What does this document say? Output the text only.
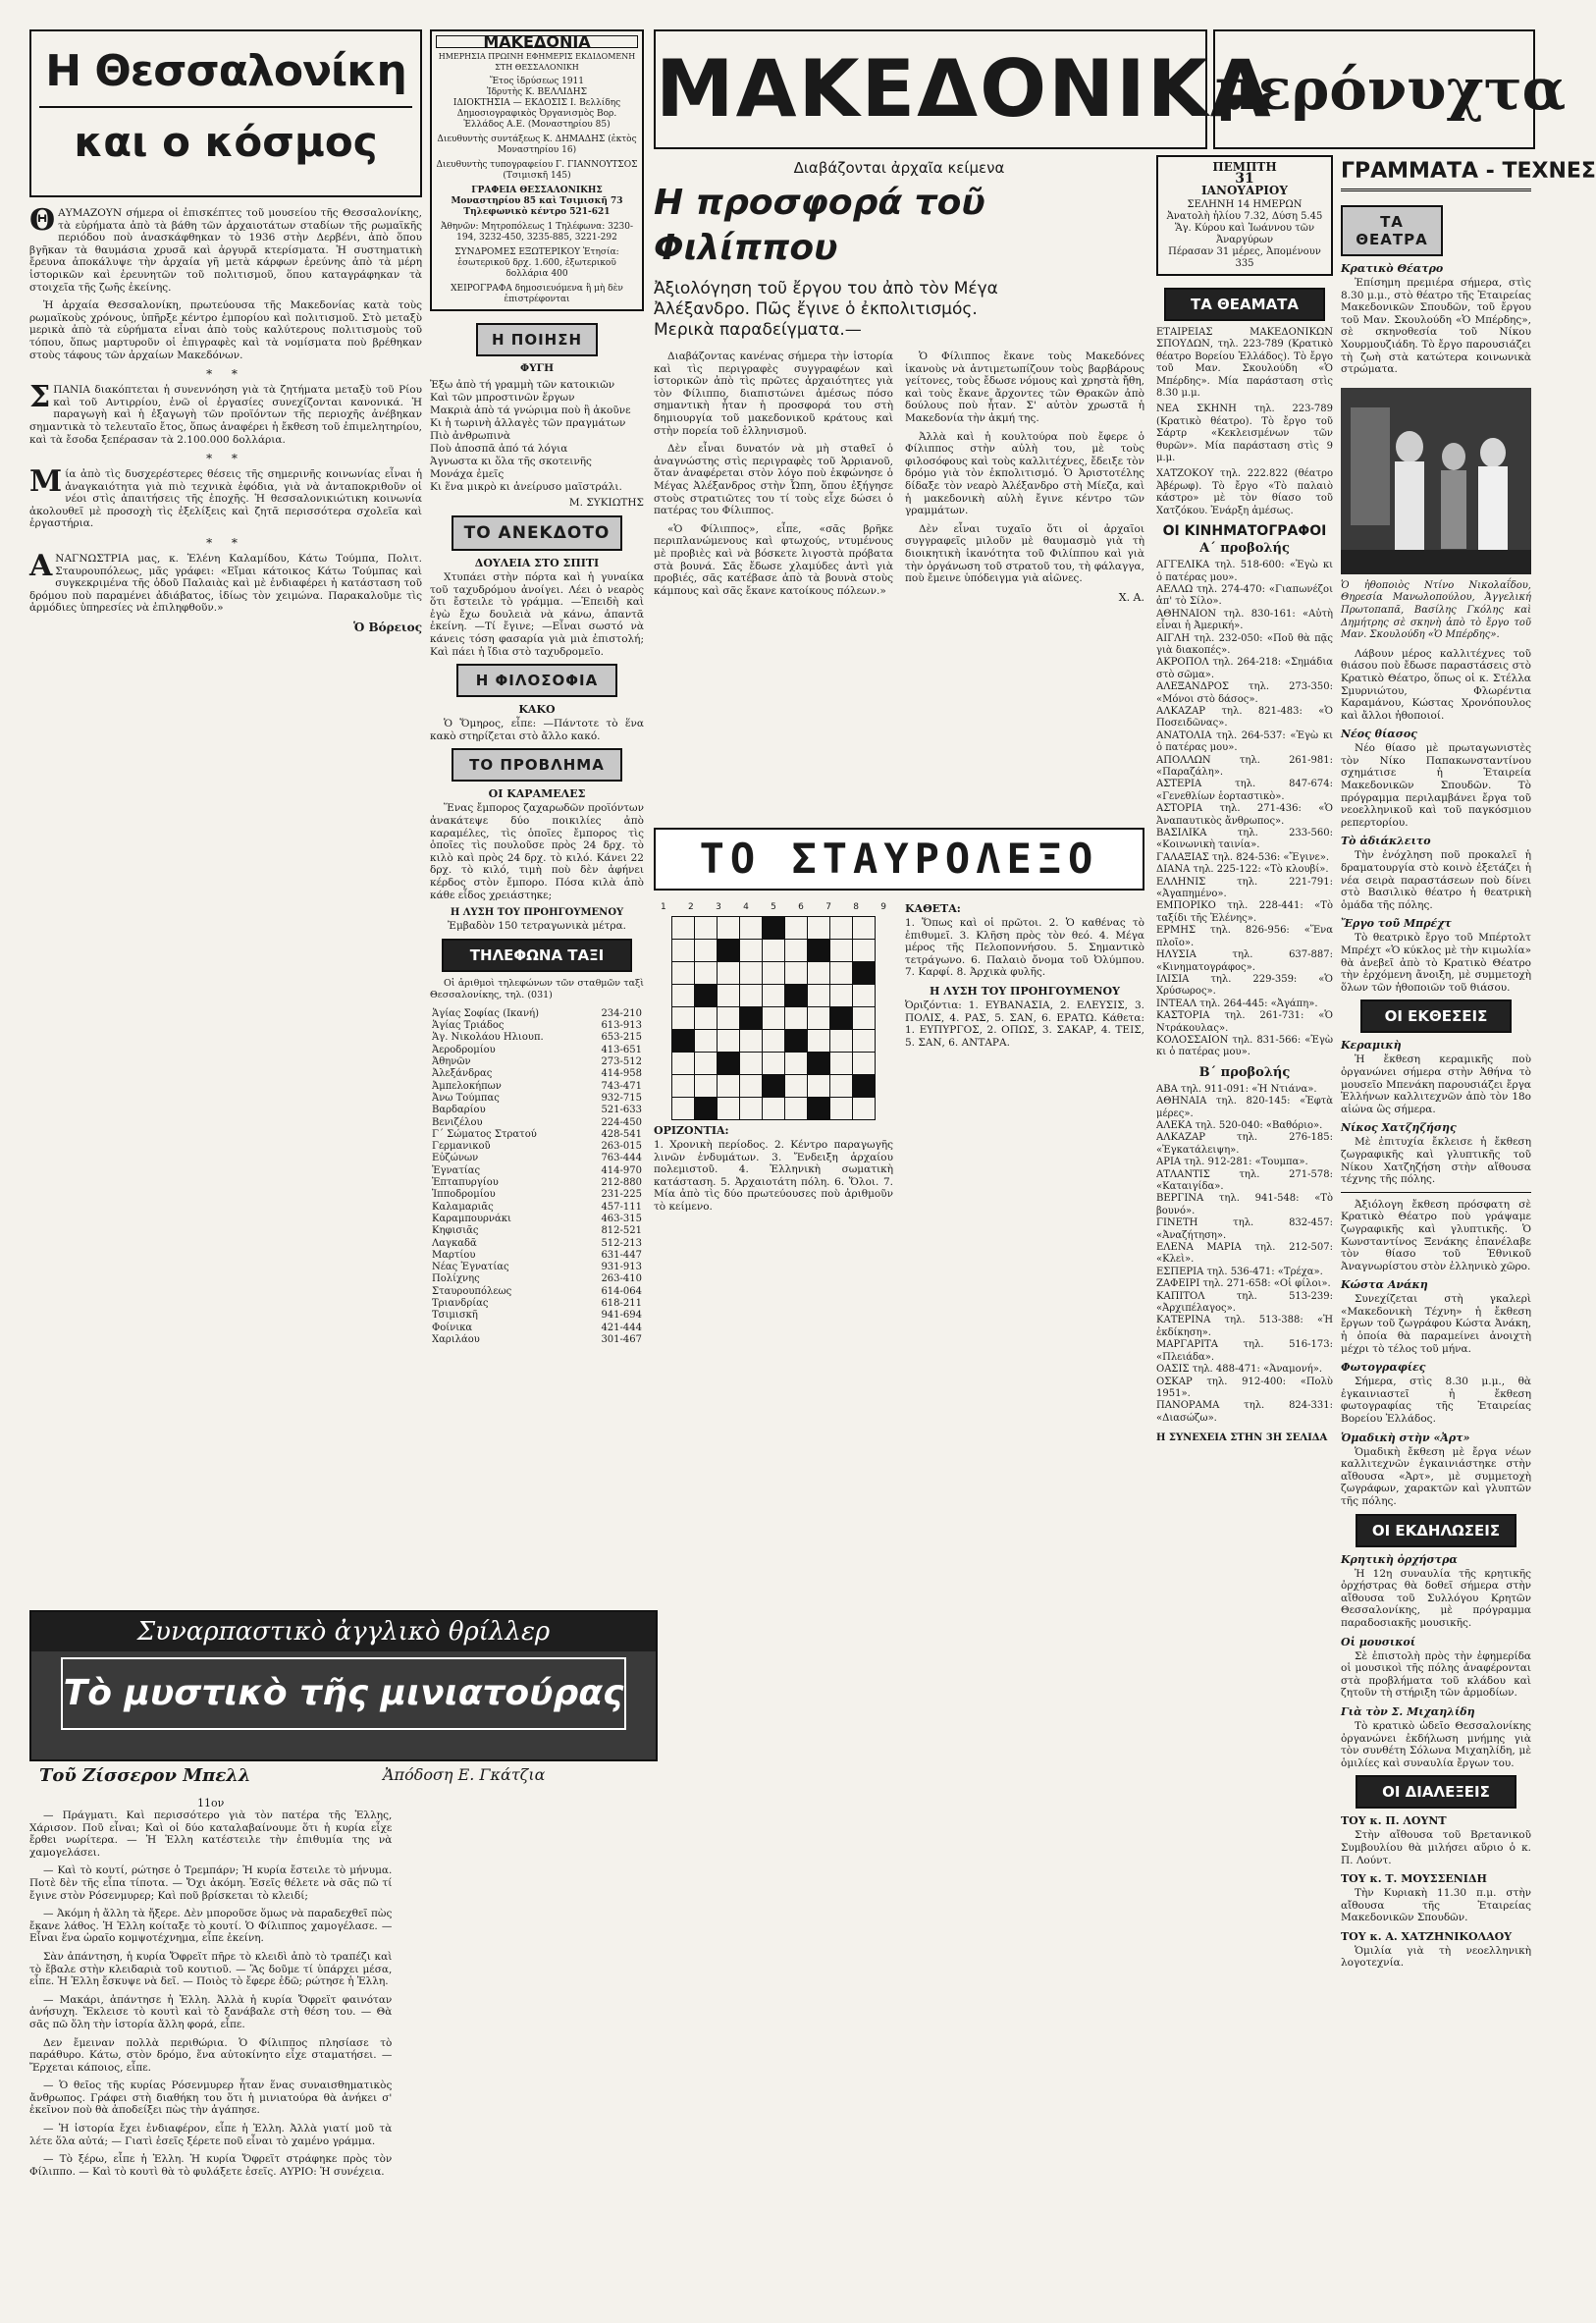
Η Θεσσαλονίκη
και ο κόσμος

ΘΑΥΜΑΖΟΥΝ σήμερα οἱ ἐπισκέπτες τοῦ μουσείου τῆς Θεσσαλονίκης, τὰ εὑρήματα ἀπὸ τὰ βάθη τῶν ἀρχαιοτάτων σταδίων τῆς ρωμαϊκῆς περιόδου ποὺ ἀνασκάφθηκαν τὸ 1936 στὴν Δερβένι, ἀπὸ ὅπου βγῆκαν τὰ θαυμάσια χρυσᾶ καὶ ἀργυρᾶ κτερίσματα. Ἡ συστηματικὴ ἔρευνα ἀποκάλυψε τὴν ἀρχαία γῆ μετὰ κάρφων ἐρεύνης ἀπὸ τὰ μέρη ἱστορικῶν καὶ ἐρευνητῶν τοῦ πολιτισμοῦ, ὅπου καταγράφηκαν τὰ στοιχεῖα τῆς ζωῆς ἐκείνης.

Ἡ ἀρχαία Θεσσαλονίκη, πρωτεύουσα τῆς Μακεδονίας κατὰ τοὺς ρωμαϊκοὺς χρόνους, ὑπῆρξε κέντρο ἐμπορίου καὶ πολιτισμοῦ. Στὸ μεταξὺ μερικὰ ἀπὸ τὰ εὑρήματα εἶναι ἀπὸ τοὺς καλύτερους πολιτισμοὺς τοῦ τόπου, ὅπως μαρτυροῦν οἱ ἐπιγραφὲς καὶ τὰ νομίσματα ποὺ βρέθηκαν στοὺς τάφους τῶν ἀρχαίων Μακεδόνων.

* *

ΣΠΑΝΙΑ διακόπτεται ἡ συνεννόηση γιὰ τὰ ζητήματα μεταξὺ τοῦ Ρίου καὶ τοῦ Αντιρρίου, ἐνῶ οἱ ἐργασίες συνεχίζονται κανονικά. Ἡ παραγωγὴ καὶ ἡ ἐξαγωγὴ τῶν προϊόντων τῆς περιοχῆς ἀνέβηκαν σημαντικὰ τὸ τελευταῖο ἔτος, ὅπως ἀναφέρει ἡ ἔκθεση τοῦ ἐπιμελητηρίου, καὶ τὰ ἔσοδα ξεπέρασαν τὰ 2.100.000 δολλάρια.

* *

Μία ἀπὸ τὶς δυσχερέστερες θέσεις τῆς σημερινῆς κοινωνίας εἶναι ἡ ἀναγκαιότητα γιὰ πιὸ τεχνικὰ ἐφόδια, γιὰ νὰ ἀνταποκριθοῦν οἱ νέοι στὶς ἀπαιτήσεις τῆς ἐποχῆς. Ἡ θεσσαλονικιώτικη κοινωνία ἀκολουθεῖ μὲ προσοχὴ τὶς ἐξελίξεις καὶ ζητᾶ περισσότερα σχολεῖα καὶ ἐργαστήρια.

* *

ΑΝΑΓΝΩΣΤΡΙΑ μας, κ. Ἑλένη Καλαμίδου, Κάτω Τούμπα, Πολιτ. Σταυρουπόλεως, μᾶς γράφει: «Εἴμαι κάτοικος Κάτω Τούμπας καὶ συγκεκριμένα τῆς ὁδοῦ Παλαιὰς καὶ μὲ ἐνδιαφέρει ἡ κατάσταση τοῦ δρόμου ποὺ παραμένει ἀδιάβατος, ἰδίως τὸν χειμώνα. Παρακαλοῦμε τὶς ἁρμόδιες ὑπηρεσίες νὰ ἐπιληφθοῦν.»

Ὁ Βόρειος
ΜΑΚΕΔΟΝΙΑ
ΗΜΕΡΗΣΙΑ ΠΡΩΙΝΗ ΕΦΗΜΕΡΙΣ ΕΚΔΙΔΟΜΕΝΗ ΣΤΗ ΘΕΣΣΑΛΟΝΙΚΗ
Ἔτος ἱδρύσεως 1911
Ἱδρυτὴς Κ. ΒΕΛΛΙΔΗΣ
ΙΔΙΟΚΤΗΣΙΑ — ΕΚΔΟΣΙΣ Ι. Βελλίδης Δημοσιογραφικὸς Ὀργανισμὸς Βορ. Ἑλλάδος Α.Ε. (Μοναστηρίου 85)
Διευθυντὴς συντάξεως Κ. ΔΗΜΑΔΗΣ (ἐκτὸς Μοναστηρίου 16)
Διευθυντὴς τυπογραφείου Γ. ΓΙΑΝΝΟΥΤΣΟΣ (Τσιμισκῆ 145)
ΓΡΑΦΕΙΑ ΘΕΣΣΑΛΟΝΙΚΗΣ Μοναστηρίου 85 καὶ Τσιμισκῆ 73 Τηλεφωνικὸ κέντρο 521-621
Ἀθηνῶν: Μητροπόλεως 1 Τηλέφωνα: 3230-194, 3232-450, 3235-885, 3221-292
ΣΥΝΔΡΟΜΕΣ ΕΞΩΤΕΡΙΚΟΥ Ἐτησία: ἐσωτερικοῦ δρχ. 1.600, ἐξωτερικοῦ δολλάρια 400
ΧΕΙΡΟΓΡΑΦΑ δημοσιευόμενα ἢ μὴ δὲν ἐπιστρέφονται
Η ΠΟΙΗΣΗ
ΦΥΓΗ
Ἐξω ἀπὸ τή γραμμὴ τῶν κατοικιῶν
Καὶ τῶν μπροστινῶν ἔργων
Μακριὰ ἀπὸ τά γνώριμα ποὺ ἢ ἀκοῦνε
Κι ἡ τωρινὴ ἀλλαγὲς τῶν πραγμάτων
Πιὸ ἀνθρωπινὰ
Ποὺ ἀποσπᾶ ἀπό τά λόγια
Ἀγνωστα κι ὅλα τῆς σκοτεινῆς
Μονάχα ἐμεῖς
Κι ἕνα μικρὸ κι ἀνείρυσο μαϊστράλι.
Μ. ΣΥΚΙΩΤΗΣ
ΤΟ ΑΝΕΚΔΟΤΟ
ΔΟΥΛΕΙΑ ΣΤΟ ΣΠΙΤΙ

Χτυπάει στὴν πόρτα καὶ ἡ γυναίκα τοῦ ταχυδρόμου ἀνοίγει. Λέει ὁ νεαρὸς ὅτι ἔστειλε τὸ γράμμα. —Ἐπειδὴ καὶ ἐγὼ ἔχω δουλειὰ νὰ κάνω, ἀπαντᾶ ἐκείνη. —Τί ἔγινε; —Εἶναι σωστό νὰ κάνεις τόση φασαρία γιὰ μιὰ ἐπιστολή; Καὶ πάει ἡ ἴδια στὸ ταχυδρομεῖο.

Η ΦΙΛΟΣΟΦΙΑ
ΚΑΚΟ

Ὁ Ὅμηρος, εἶπε: —Πάντοτε τὸ ἕνα κακὸ στηρίζεται στὸ ἄλλο κακό.

ΤΟ ΠΡΟΒΛΗΜΑ
ΟΙ ΚΑΡΑΜΕΛΕΣ

Ἕνας ἔμπορος ζαχαρωδῶν προϊόντων ἀνακάτεψε δύο ποικιλίες ἀπὸ καραμέλες, τὶς ὁποῖες ἔμπορος τὶς ὁποῖες τὶς πουλοῦσε πρὸς 24 δρχ. τὸ κιλὸ καὶ πρὸς 24 δρχ. τὸ κιλό. Κάνει 22 δρχ. τὸ κιλό, τιμὴ ποὺ δὲν ἀφήνει κέρδος στὸν ἔμπορο. Πόσα κιλὰ ἀπὸ κάθε εἶδος χρειάστηκε;

Η ΛΥΣΗ ΤΟΥ ΠΡΟΗΓΟΥΜΕΝΟΥ

Ἐμβαδὸν 150 τετραγωνικὰ μέτρα.

ΤΗΛΕΦΩΝΑ ΤΑΞΙ

Οἱ ἀριθμοὶ τηλεφώνων τῶν σταθμῶν ταξὶ Θεσσαλονίκης, τηλ. (031)

Ἁγίας Σοφίας (Ικανή)	234-210
Ἁγίας Τριάδος	613-913
Ἁγ. Νικολάου Ηλιουπ.	653-215
Ἀεροδρομίου	413-651
Ἀθηνῶν	273-512
Ἀλεξάνδρας	414-958
Ἀμπελοκήπων	743-471
Ἀνω Τούμπας	932-715
Βαρδαρίου	521-633
Βενιζέλου	224-450
Γ΄ Σώματος Στρατού	428-541
Γερμανικοῦ	263-015
Εὐζώνων	763-444
Ἐγνατίας	414-970
Ἑπταπυργίου	212-880
Ἱπποδρομίου	231-225
Καλαμαριᾶς	457-111
Καραμπουρνάκι	463-315
Κηφισιᾶς	812-521
Λαγκαδᾶ	512-213
Μαρτίου	631-447
Νέας Ἐγνατίας	931-913
Πολίχνης	263-410
Σταυρουπόλεως	614-064
Τριανδρίας	618-211
Τσιμισκῆ	941-694
Φοίνικα	421-444
Χαριλάου	301-467
ΜΑΚΕΔΟΝΙΚΑ
μερόνυχτα
Διαβάζονται ἀρχαῖα κείμενα
Η προσφορά τοῦ Φιλίππου
Ἀξιολόγηση τοῦ ἔργου του ἀπὸ τὸν Μέγα Ἀλέξανδρο. Πῶς ἔγινε ὁ ἐκπολιτισμός. Μερικὰ παραδείγματα.—

Διαβάζοντας κανένας σήμερα τὴν ἱστορία καὶ τὶς περιγραφὲς συγγραφέων καὶ ἱστορικῶν ἀπὸ τὶς πρῶτες ἀρχαιότητες γιὰ τὸν Φίλιππο, διαπιστώνει ἀμέσως πόσο σημαντικὴ ἦταν ἡ προσφορά του στὴ δημιουργία τοῦ μακεδονικοῦ κράτους καὶ στὴν πορεία τοῦ ἑλληνισμοῦ.

Δὲν εἶναι δυνατόν νὰ μὴ σταθεῖ ὁ ἀναγνώστης στὶς περιγραφὲς τοῦ Ἀρριανοῦ, ὅταν ἀναφέρεται στὸν λόγο ποὺ ἐκφώνησε ὁ Μέγας Ἀλέξανδρος στὴν Ὦπη, ὅπου ἐξήγησε στοὺς στρατιῶτες του τί τοὺς εἶχε δώσει ὁ πατέρας του Φίλιππος.

«Ὁ Φίλιππος», εἶπε, «σᾶς βρῆκε περιπλανώμενους καὶ φτωχούς, ντυμένους μὲ προβιὲς καὶ νὰ βόσκετε λιγοστὰ πρόβατα στὰ βουνά. Σᾶς ἔδωσε χλαμύδες ἀντὶ γιὰ προβιές, σᾶς κατέβασε ἀπὸ τὰ βουνὰ στοὺς κάμπους καὶ σᾶς ἔκανε κατοίκους πόλεων.»

Ὁ Φίλιππος ἔκανε τοὺς Μακεδόνες ἱκανοὺς νὰ ἀντιμετωπίζουν τοὺς βαρβάρους γείτονες, τοὺς ἔδωσε νόμους καὶ χρηστὰ ἤθη, καὶ τοὺς ἔκανε ἄρχοντες τῶν Θρακῶν ἀπὸ δούλους ποὺ ἦταν. Σ' αὐτὸν χρωστᾶ ἡ Μακεδονία τὴν ἀκμή της.

Ἀλλὰ καὶ ἡ κουλτούρα ποὺ ἔφερε ὁ Φίλιππος στὴν αὐλὴ του, μὲ τοὺς φιλοσόφους καὶ τοὺς καλλιτέχνες, ἔδειξε τὸν δρόμο γιὰ τὸν ἐκπολιτισμό. Ὁ Ἀριστοτέλης δίδαξε τὸν νεαρὸ Ἀλέξανδρο στὴ Μίεζα, καὶ ἡ μακεδονικὴ αὐλὴ ἔγινε κέντρο τῶν γραμμάτων.

Δὲν εἶναι τυχαῖο ὅτι οἱ ἀρχαῖοι συγγραφεῖς μιλοῦν μὲ θαυμασμὸ γιὰ τὴ διοικητικὴ ἱκανότητα τοῦ Φιλίππου καὶ γιὰ τὴν ὀργάνωση τοῦ στρατοῦ του, τὴ φάλαγγα, ποὺ ἔμεινε ὑπόδειγμα γιὰ αἰῶνες.

Χ. Α.
ΤΟ ΣΤΑΥΡΟΛΕΞΟ
1 2 3 4 5 6 7 8 9

ΟΡΙΖΟΝΤΙΑ:

1. Χρονικὴ περίοδος. 2. Κέντρο παραγωγῆς λινῶν ἐνδυμάτων. 3. Ἔνδειξη ἀρχαίου πολεμιστοῦ. 4. Ἑλληνικὴ σωματικὴ κατάσταση. 5. Ἀρχαιοτάτη πόλη. 6. Ὅλοι. 7. Μία ἀπὸ τὶς δύο πρωτεύουσες ποὺ ἀριθμοῦν τὸ κείμενο.

ΚΑΘΕΤΑ:

1. Ὅπως καὶ οἱ πρῶτοι. 2. Ὁ καθένας τὸ ἐπιθυμεῖ. 3. Κλῆση πρὸς τὸν θεό. 4. Μέγα μέρος τῆς Πελοποννήσου. 5. Σημαντικὸ τετράγωνο. 6. Παλαιὸ ὄνομα τοῦ Ὀλύμπου. 7. Καρφί. 8. Ἀρχικὰ φυλῆς.

Η ΛΥΣΗ ΤΟΥ ΠΡΟΗΓΟΥΜΕΝΟΥ

Ὀριζόντια: 1. ΕΥΒΑΝΑΣΙΑ, 2. ΕΛΕΥΣΙΣ, 3. ΠΟΛΙΣ, 4. ΡΑΣ, 5. ΣΑΝ, 6. ΕΡΑΤΩ. Κάθετα: 1. ΕΥΠΥΡΓΟΣ, 2. ΟΠΩΣ, 3. ΣΑΚΑΡ, 4. ΤΕΙΣ, 5. ΣΑΝ, 6. ΑΝΤΑΡΑ.

ΠΕΜΠΤΗ
31
ΙΑΝΟΥΑΡΙΟΥ
ΣΕΛΗΝΗ 14 ΗΜΕΡΩΝ
Ἀνατολὴ ἡλίου 7.32, Δύση 5.45
Ἅγ. Κύρου καὶ Ἰωάννου τῶν Ἀναργύρων
Πέρασαν 31 μέρες, Ἀπομένουν 335
ΤΑ ΘΕΑΜΑΤΑ

ΕΤΑΙΡΕΙΑΣ ΜΑΚΕΔΟΝΙΚΩΝ ΣΠΟΥΔΩΝ, τηλ. 223-789 (Κρατικὸ θέατρο Βορείου Ἑλλάδος). Τὸ ἔργο τοῦ Μαν. Σκουλούδη «Ὁ Μπέρδης». Μία παράσταση στὶς 8.30 μ.μ.

ΝΕΑ ΣΚΗΝΗ τηλ. 223-789 (Κρατικὸ θέατρο). Τὸ ἔργο τοῦ Σάρτρ «Κεκλεισμένων τῶν θυρῶν». Μία παράσταση στὶς 9 μ.μ.

ΧΑΤΖΟΚΟΥ τηλ. 222.822 (θέατρο Ἀβέρωφ). Τὸ ἔργο «Τὸ παλαιὸ κάστρο» μὲ τὸν θίασο τοῦ Χατζόκου. Ἐνάρξη ἀμέσως.

ΟΙ ΚΙΝΗΜΑΤΟΓΡΑΦΟΙ
Α΄ προβολής

ΑΓΓΕΛΙΚΑ τηλ. 518-600: «Ἐγὼ κι ὁ πατέρας μου».

ΑΕΛΛΩ τηλ. 274-470: «Γιαπωνέζοι ἀπ' τὸ Σίλο».

ΑΘΗΝΑΙΟΝ τηλ. 830-161: «Αὐτὴ εἶναι ἡ Ἀμερική».

ΑΙΓΛΗ τηλ. 232-050: «Ποῦ θὰ πᾷς γιὰ διακοπές».

ΑΚΡΟΠΟΛ τηλ. 264-218: «Σημάδια στὸ σῶμα».

ΑΛΕΞΑΝΔΡΟΣ τηλ. 273-350: «Μόνοι στὸ δάσος».

ΑΛΚΑΖΑΡ τηλ. 821-483: «Ὁ Ποσειδῶνας».

ΑΝΑΤΟΛΙΑ τηλ. 264-537: «Ἐγὼ κι ὁ πατέρας μου».

ΑΠΟΛΛΩΝ τηλ. 261-981: «Παραζάλη».

ΑΣΤΕΡΙΑ τηλ. 847-674: «Γενεθλίων ἑορταστικὸ».

ΑΣΤΟΡΙΑ τηλ. 271-436: «Ὁ Ἀναπαυτικὸς ἄνθρωπος».

ΒΑΣΙΛΙΚΑ τηλ. 233-560: «Κοινωνικὴ ταινία».

ΓΑΛΑΞΙΑΣ τηλ. 824-536: «Ἔγινε».

ΔΙΑΝΑ τηλ. 225-122: «Τὸ κλουβί».

ΕΛΛΗΝΙΣ τηλ. 221-791: «Ἀγαπημένο».

ΕΜΠΟΡΙΚΟ τηλ. 228-441: «Τὸ ταξίδι τῆς Ἑλένης».

ΕΡΜΗΣ τηλ. 826-956: «Ἕνα πλοῖο».

ΗΛΥΣΙΑ τηλ. 637-887: «Κινηματογράφος».

ΙΛΙΣΙΑ τηλ. 229-359: «Ὁ Χρύσωρος».

ΙΝΤΕΑΛ τηλ. 264-445: «Ἀγάπη».

ΚΑΣΤΟΡΙΑ τηλ. 261-731: «Ὁ Ντράκουλας».

ΚΟΛΟΣΣΑΙΟΝ τηλ. 831-566: «Ἐγὼ κι ὁ πατέρας μου».

Β΄ προβολής

ΑΒΑ τηλ. 911-091: «Ἡ Ντιάνα».

ΑΘΗΝΑΙΑ τηλ. 820-145: «Ἐφτὰ μέρες».

ΑΛΕΚΑ τηλ. 520-040: «Βαθόριο».

ΑΛΚΑΖΑΡ τηλ. 276-185: «Ἐγκατάλειψη».

ΑΡΙΑ τηλ. 912-281: «Τουμπα».

ΑΤΛΑΝΤΙΣ τηλ. 271-578: «Καταιγίδα».

ΒΕΡΓΙΝΑ τηλ. 941-548: «Τὸ βουνό».

ΓΙΝΕΤΗ τηλ. 832-457: «Ἀναζήτηση».

ΕΛΕΝΑ ΜΑΡΙΑ τηλ. 212-507: «Κλεὶ».

ΕΣΠΕΡΙΑ τηλ. 536-471: «Τρέχα».

ΖΑΦΕΙΡΙ τηλ. 271-658: «Οἱ φίλοι».

ΚΑΠΙΤΟΛ τηλ. 513-239: «Ἀρχιπέλαγος».

ΚΑΤΕΡΙΝΑ τηλ. 513-388: «Ἡ ἐκδίκηση».

ΜΑΡΓΑΡΙΤΑ τηλ. 516-173: «Πλειάδα».

ΟΑΣΙΣ τηλ. 488-471: «Ἀναμονή».

ΟΣΚΑΡ τηλ. 912-400: «Πολὺ 1951».

ΠΑΝΟΡΑΜΑ τηλ. 824-331: «Διασώζω».

Η ΣΥΝΕΧΕΙΑ ΣΤΗΝ 3Η ΣΕΛΙΔΑ
ΓΡΑΜΜΑΤΑ - ΤΕΧΝΕΣ
ΤΑ ΘΕΑΤΡΑ
Κρατικὸ Θέατρο

Ἐπίσημη πρεμιέρα σήμερα, στὶς 8.30 μ.μ., στὸ θέατρο τῆς Ἑταιρείας Μακεδονικῶν Σπουδῶν, τοῦ ἔργου τοῦ Μαν. Σκουλούδη «Ὁ Μπέρδης», σὲ σκηνοθεσία τοῦ Νίκου Χουρμουζιάδη. Τὸ ἔργο παρουσιάζει τὴ ζωὴ στὰ κατώτερα κοινωνικὰ στρώματα.

Ὁ ἠθοποιὸς Ντίνο Νικολαΐδου, Θηρεσία Μανωλοπούλου, Ἀγγελική Πρωτοπαπᾶ, Βασίλης Γκόλης καὶ Δημήτρης σὲ σκηνὴ ἀπὸ τὸ ἔργο τοῦ Μαν. Σκουλούδη «Ὁ Μπέρδης».

Λάβουν μέρος καλλιτέχνες τοῦ θιάσου ποὺ ἔδωσε παραστάσεις στὸ Κρατικὸ Θέατρο, ὅπως οἱ κ. Στέλλα Σμυρνιώτου, Φλωρέντια Καραμάνου, Κώστας Χρονόπουλος καὶ ἄλλοι ἠθοποιοί.

Νέος θίασος

Νέο θίασο μὲ πρωταγωνιστὲς τὸν Νίκο Παπακωνσταντίνου σχημάτισε ἡ Ἑταιρεία Μακεδονικῶν Σπουδῶν. Τὸ πρόγραμμα περιλαμβάνει ἔργα τοῦ νεοελληνικοῦ καὶ τοῦ παγκόσμιου ρεπερτορίου.

Τὸ ἀδιάκλειτο

Τὴν ἐνόχληση ποῦ προκαλεῖ ἡ δραματουργία στὸ κοινὸ ἐξετάζει ἡ νέα σειρὰ παραστάσεων ποὺ δίνει στὸ Βασιλικὸ θέατρο ἡ θεατρικὴ ὁμάδα τῆς πόλης.

Ἔργο τοῦ Μπρέχτ

Τὸ θεατρικὸ ἔργο τοῦ Μπέρτολτ Μπρέχτ «Ὁ κύκλος μὲ τὴν κιμωλία» θὰ ἀνεβεῖ ἀπὸ τὸ Κρατικὸ Θέατρο τὴν ἐρχόμενη ἄνοιξη, μὲ συμμετοχὴ ὅλων τῶν ἠθοποιῶν τοῦ θιάσου.

ΟΙ ΕΚΘΕΣΕΙΣ
Κεραμικὴ

Ἡ ἔκθεση κεραμικῆς ποὺ ὀργανώνει σήμερα στὴν Ἀθήνα τὸ μουσεῖο Μπενάκη παρουσιάζει ἔργα Ἑλλήνων καλλιτεχνῶν ἀπὸ τὸν 18ο αἰώνα ὣς σήμερα.

Νίκος Χατζηζήσης

Μὲ ἐπιτυχία ἔκλεισε ἡ ἔκθεση ζωγραφικῆς καὶ γλυπτικῆς τοῦ Νίκου Χατζηζήση στὴν αἴθουσα τέχνης τῆς πόλης.

Ἀξιόλογη ἔκθεση πρόσφατη σὲ Κρατικὸ Θέατρο ποὺ γράψαμε ζωγραφικῆς καὶ γλυπτικῆς. Ὁ Κωνσταντίνος Ξενάκης ἐπανέλαβε τὸν θίασο τοῦ Ἐθνικοῦ Ἀναγνωρίστου στὸν ἑλληνικὸ χῶρο.

Κώστα Ανάκη

Συνεχίζεται στὴ γκαλερὶ «Μακεδονικὴ Τέχνη» ἡ ἔκθεση ἔργων τοῦ ζωγράφου Κώστα Ἀνάκη, ἡ ὁποία θὰ παραμείνει ἀνοιχτὴ μέχρι τὸ τέλος τοῦ μήνα.

Φωτογραφίες

Σήμερα, στὶς 8.30 μ.μ., θὰ ἐγκαινιαστεῖ ἡ ἔκθεση φωτογραφίας τῆς Ἑταιρείας Βορείου Ἑλλάδος.

Ὁμαδικὴ στὴν «Ἀρτ»

Ὁμαδικὴ ἔκθεση μὲ ἔργα νέων καλλιτεχνῶν ἐγκαινιάστηκε στὴν αἴθουσα «Ἀρτ», μὲ συμμετοχὴ ζωγράφων, χαρακτῶν καὶ γλυπτῶν τῆς πόλης.

ΟΙ ΕΚΔΗΛΩΣΕΙΣ
Κρητικὴ ὀρχήστρα

Ἡ 12η συναυλία τῆς κρητικῆς ὀρχήστρας θὰ δοθεῖ σήμερα στὴν αἴθουσα τοῦ Συλλόγου Κρητῶν Θεσσαλονίκης, μὲ πρόγραμμα παραδοσιακῆς μουσικῆς.

Οἱ μουσικοί

Σὲ ἐπιστολὴ πρὸς τὴν ἐφημερίδα οἱ μουσικοὶ τῆς πόλης ἀναφέρονται στὰ προβλήματα τοῦ κλάδου καὶ ζητοῦν τὴ στήριξη τῶν ἁρμοδίων.

Γιὰ τὸν Σ. Μιχαηλίδη

Τὸ κρατικὸ ὠδεῖο Θεσσαλονίκης ὀργανώνει ἐκδήλωση μνήμης γιὰ τὸν συνθέτη Σόλωνα Μιχαηλίδη, μὲ ὁμιλίες καὶ συναυλία ἔργων του.

ΟΙ ΔΙΑΛΕΞΕΙΣ
ΤΟΥ κ. Π. ΛΟΥΝΤ

Στὴν αἴθουσα τοῦ Βρετανικοῦ Συμβουλίου θὰ μιλήσει αὔριο ὁ κ. Π. Λούντ.

ΤΟΥ κ. Τ. ΜΟΥΣΣΕΝΙΔΗ

Τὴν Κυριακὴ 11.30 π.μ. στὴν αἴθουσα τῆς Ἑταιρείας Μακεδονικῶν Σπουδῶν.

ΤΟΥ κ. Α. ΧΑΤΖΗΝΙΚΟΛΑΟΥ

Ὁμιλία γιὰ τὴ νεοελληνικὴ λογοτεχνία.

Συναρπαστικὸ ἀγγλικὸ θρίλλερ
Τὸ μυστικὸ τῆς μινιατούρας
Τοῦ Ζίσσερον Μπελλ	Ἀπόδοση Ε. Γκάτζια
11ον

— Πράγματι. Καὶ περισσότερο γιὰ τὸν πατέρα τῆς Ἑλλης, Χάρισον. Ποῦ εἶναι; Καὶ οἱ δύο καταλαβαίνουμε ὅτι ἡ κυρία εἶχε ἔρθει νωρίτερα. — Ἡ Ἑλλη κατέστειλε τὴν ἐπιθυμία της νὰ χαμογελάσει.

— Καὶ τὸ κουτί, ρώτησε ὁ Τρεμπάρν; Ἡ κυρία ἔστειλε τὸ μήνυμα. Ποτὲ δὲν τῆς εἶπα τίποτα. — Ὄχι ἀκόμη. Ἐσεῖς θέλετε νὰ σᾶς πῶ τί ἔγινε στὸν Ρόσενμυρερ; Καὶ ποῦ βρίσκεται τὸ κλειδί;

— Ἀκόμη ἡ ἄλλη τὰ ἤξερε. Δὲν μποροῦσε ὅμως νὰ παραδεχθεῖ πὼς ἔκανε λάθος. Ἡ Ἑλλη κοίταξε τὸ κουτί. Ὁ Φίλιππος χαμογέλασε. — Εἶναι ἕνα ὡραῖο κομψοτέχνημα, εἶπε ἐκείνη.

Σὰν ἀπάντηση, ἡ κυρία Ὄφρεϊτ πῆρε τὸ κλειδὶ ἀπὸ τὸ τραπέζι καὶ τὸ ἔβαλε στὴν κλειδαριὰ τοῦ κουτιοῦ. — Ἂς δοῦμε τί ὑπάρχει μέσα, εἶπε. Ἡ Ἑλλη ἔσκυψε νὰ δεῖ. — Ποιὸς τὸ ἔφερε ἐδῶ; ρώτησε ἡ Ἑλλη.

— Μακάρι, ἀπάντησε ἡ Ἑλλη. Ἀλλὰ ἡ κυρία Ὄφρεϊτ φαινόταν ἀνήσυχη. Ἔκλεισε τὸ κουτὶ καὶ τὸ ξανάβαλε στὴ θέση του. — Θὰ σᾶς πῶ ὅλη τὴν ἱστορία ἄλλη φορά, εἶπε.

Δεν ἔμειναν πολλὰ περιθώρια. Ὁ Φίλιππος πλησίασε τὸ παράθυρο. Κάτω, στὸν δρόμο, ἕνα αὐτοκίνητο εἶχε σταματήσει. — Ἔρχεται κάποιος, εἶπε.

— Ὁ θεῖος τῆς κυρίας Ρόσενμυρερ ἦταν ἕνας συναισθηματικὸς ἄνθρωπος. Γράφει στὴ διαθήκη του ὅτι ἡ μινιατούρα θὰ ἀνήκει σ' ἐκεῖνον ποὺ θὰ ἀποδείξει πὼς τὴν ἀγάπησε.

— Ἡ ἱστορία ἔχει ἐνδιαφέρον, εἶπε ἡ Ἑλλη. Ἀλλὰ γιατί μοῦ τὰ λέτε ὅλα αὐτά; — Γιατὶ ἐσεῖς ξέρετε ποῦ εἶναι τὸ χαμένο γράμμα.

— Τὸ ξέρω, εἶπε ἡ Ἑλλη. Ἡ κυρία Ὄφρεϊτ στράφηκε πρὸς τὸν Φίλιππο. — Καὶ τὸ κουτὶ θὰ τὸ φυλάξετε ἐσεῖς. ΑΥΡΙΟ: Ἡ συνέχεια.
